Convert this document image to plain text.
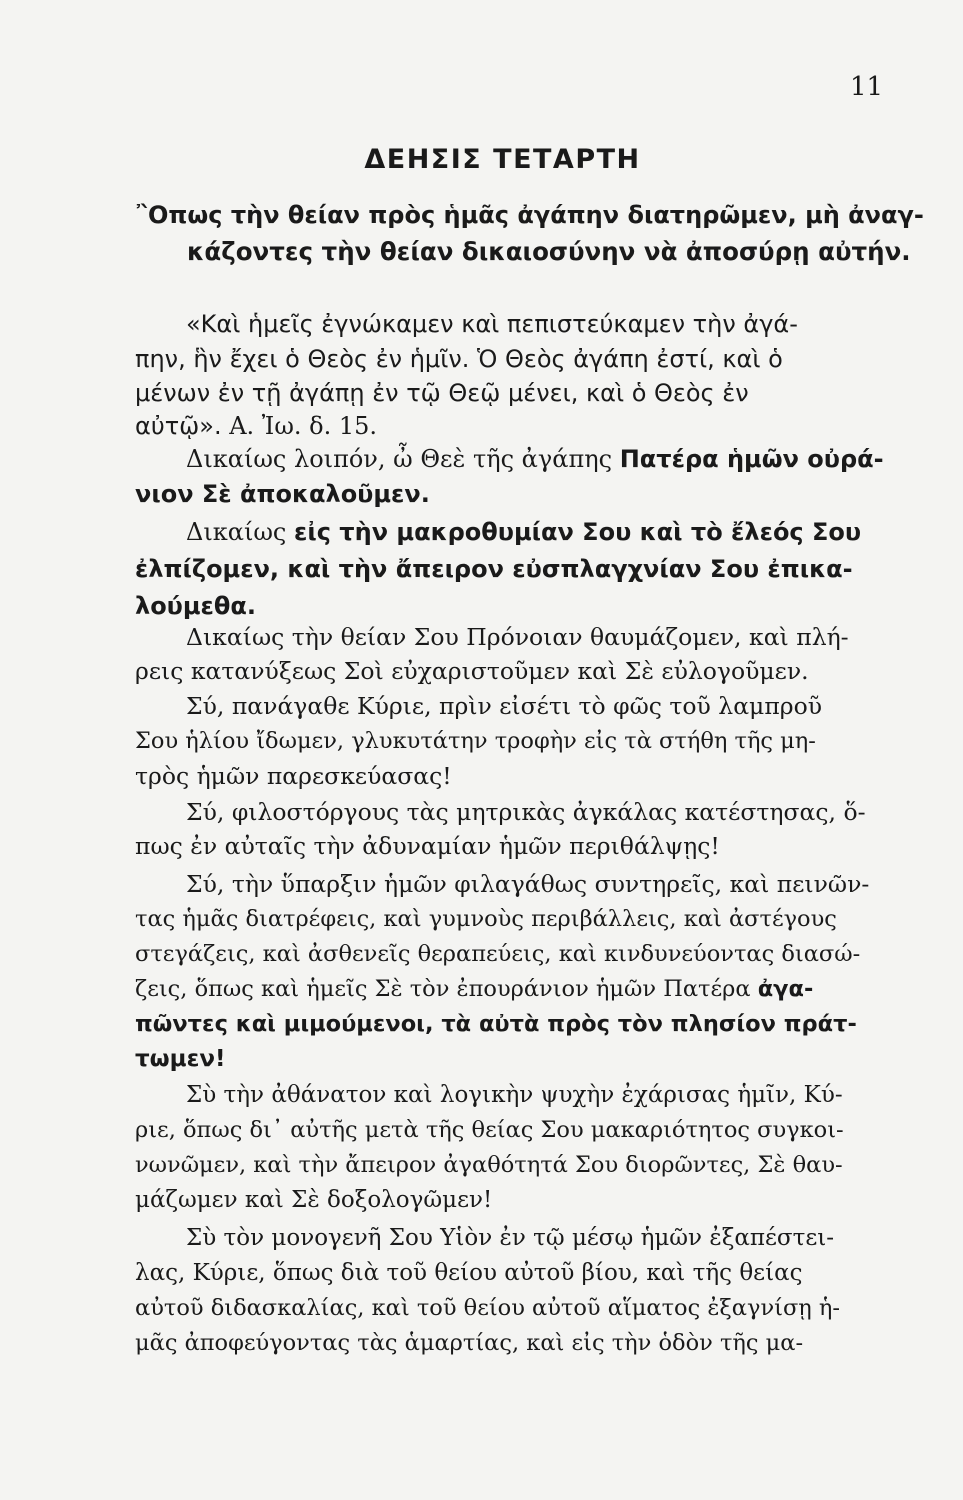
11
ΔΕΗΣΙΣ ΤΕΤΑΡΤΗ
῍Οπως τὴν θείαν πρὸς ἡμᾶς ἀγάπην διατηρῶμεν, μὴ ἀναγ-
κάζοντες τὴν θείαν δικαιοσύνην νὰ ἀποσύρῃ αὐτήν.
«Καὶ ἡμεῖς ἐγνώκαμεν καὶ πεπιστεύκαμεν τὴν ἀγά-
πην, ἣν ἔχει ὁ Θεὸς ἐν ἡμῖν. Ὁ Θεὸς ἀγάπη ἐστί, καὶ ὁ
μένων ἐν τῇ ἀγάπῃ ἐν τῷ Θεῷ μένει, καὶ ὁ Θεὸς ἐν
αὐτῷ». Α. Ἰω. δ. 15.
Δικαίως λοιπόν, ὦ Θεὲ τῆς ἀγάπης Πατέρα ἡμῶν οὐρά-
νιον Σὲ ἀποκαλοῦμεν.
Δικαίως εἰς τὴν μακροθυμίαν Σου καὶ τὸ ἔλεός Σου
ἐλπίζομεν, καὶ τὴν ἄπειρον εὐσπλαγχνίαν Σου ἐπικα-
λούμεθα.
Δικαίως τὴν θείαν Σου Πρόνοιαν θαυμάζομεν, καὶ πλή-
ρεις κατανύξεως Σοὶ εὐχαριστοῦμεν καὶ Σὲ εὐλογοῦμεν.
Σύ, πανάγαθε Κύριε, πρὶν εἰσέτι τὸ φῶς τοῦ λαμπροῦ
Σου ἡλίου ἴδωμεν, γλυκυτάτην τροφὴν εἰς τὰ στήθη τῆς μη-
τρὸς ἡμῶν παρεσκεύασας!
Σύ, φιλοστόργους τὰς μητρικὰς ἀγκάλας κατέστησας, ὅ-
πως ἐν αὐταῖς τὴν ἀδυναμίαν ἡμῶν περιθάλψῃς!
Σύ, τὴν ὕπαρξιν ἡμῶν φιλαγάθως συντηρεῖς, καὶ πεινῶν-
τας ἡμᾶς διατρέφεις, καὶ γυμνοὺς περιβάλλεις, καὶ ἀστέγους
στεγάζεις, καὶ ἀσθενεῖς θεραπεύεις, καὶ κινδυνεύοντας διασώ-
ζεις, ὅπως καὶ ἡμεῖς Σὲ τὸν ἐπουράνιον ἡμῶν Πατέρα ἀγα-
πῶντες καὶ μιμούμενοι, τὰ αὐτὰ πρὸς τὸν πλησίον πράτ-
τωμεν!
Σὺ τὴν ἀθάνατον καὶ λογικὴν ψυχὴν ἐχάρισας ἡμῖν, Κύ-
ριε, ὅπως δι᾽ αὐτῆς μετὰ τῆς θείας Σου μακαριότητος συγκοι-
νωνῶμεν, καὶ τὴν ἄπειρον ἀγαθότητά Σου διορῶντες, Σὲ θαυ-
μάζωμεν καὶ Σὲ δοξολογῶμεν!
Σὺ τὸν μονογενῆ Σου Υἱὸν ἐν τῷ μέσῳ ἡμῶν ἐξαπέστει-
λας, Κύριε, ὅπως διὰ τοῦ θείου αὐτοῦ βίου, καὶ τῆς θείας
αὐτοῦ διδασκαλίας, καὶ τοῦ θείου αὐτοῦ αἵματος ἐξαγνίσῃ ἡ-
μᾶς ἀποφεύγοντας τὰς ἁμαρτίας, καὶ εἰς τὴν ὁδὸν τῆς μα-
